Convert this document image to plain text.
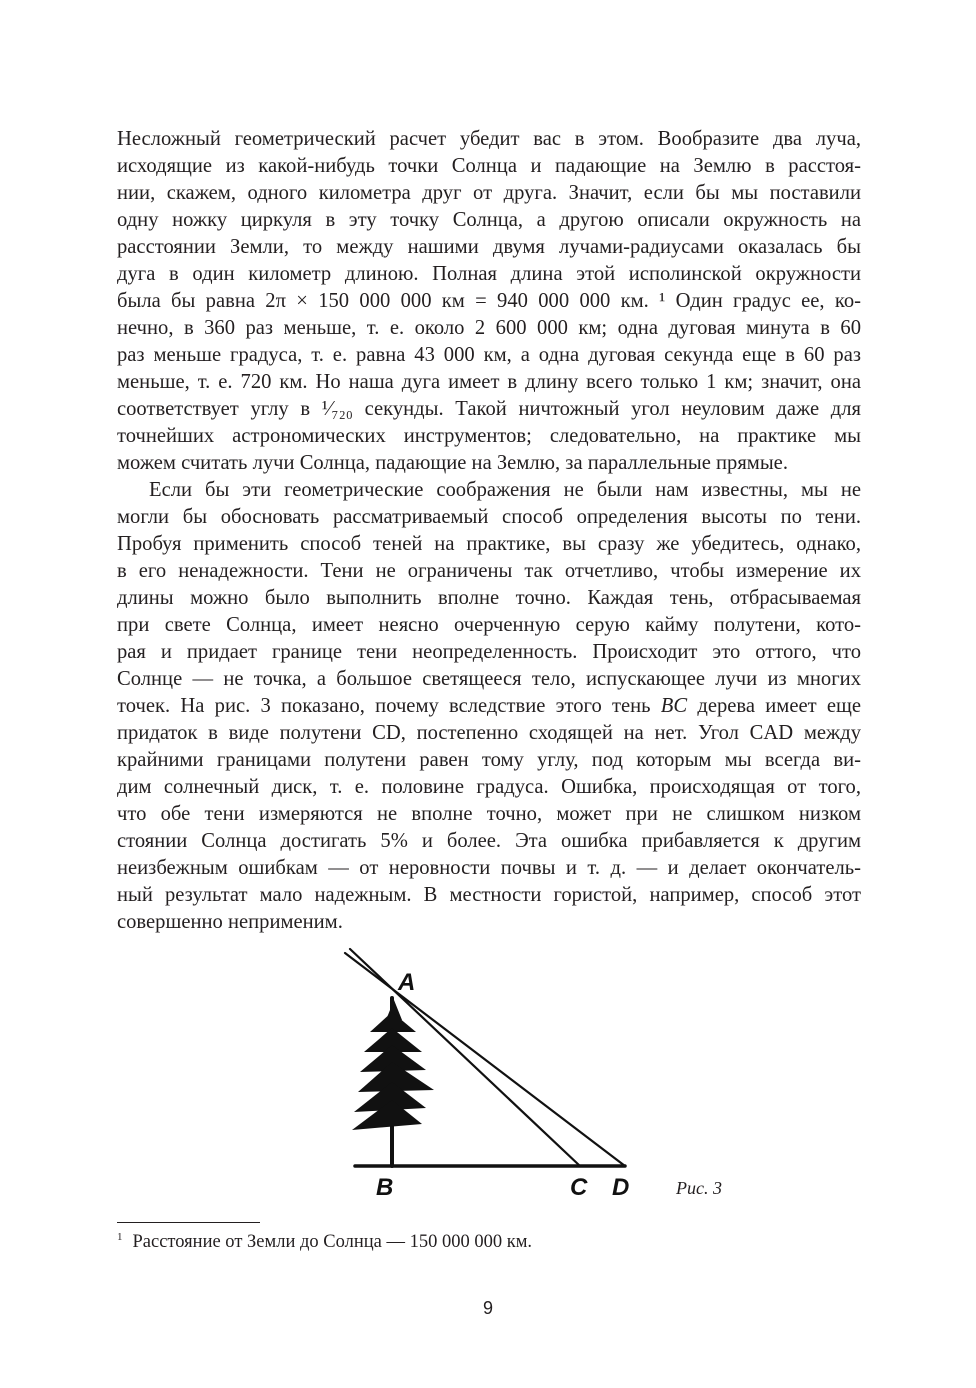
Несложный геометрический расчет убедит вас в этом. Вообразите два луча,
исходящие из какой-нибудь точки Солнца и падающие на Землю в расстоя-
нии, скажем, одного километра друг от друга. Значит, если бы мы поставили
одну ножку циркуля в эту точку Солнца, а другою описали окружность на
расстоянии Земли, то между нашими двумя лучами-радиусами оказалась бы
дуга в один километр длиною. Полная длина этой исполинской окружности
была бы равна 2π × 150 000 000 км = 940 000 000 км. ¹ Один градус ее, ко-
нечно, в 360 раз меньше, т. е. около 2 600 000 км; одна дуговая минута в 60
раз меньше градуса, т. е. равна 43 000 км, а одна дуговая секунда еще в 60 раз
меньше, т. е. 720 км. Но наша дуга имеет в длину всего только 1 км; значит, она
соответствует углу в ¹⁄₇₂₀ секунды. Такой ничтожный угол неуловим даже для
точнейших астрономических инструментов; следовательно, на практике мы
можем считать лучи Солнца, падающие на Землю, за параллельные прямые.
Если бы эти геометрические соображения не были нам известны, мы не
могли бы обосновать рассматриваемый способ определения высоты по тени.
Пробуя применить способ теней на практике, вы сразу же убедитесь, однако,
в его ненадежности. Тени не ограничены так отчетливо, чтобы измерение их
длины можно было выполнить вполне точно. Каждая тень, отбрасываемая
при свете Солнца, имеет неясно очерченную серую кайму полутени, кото-
рая и придает границе тени неопределенность. Происходит это оттого, что
Солнце — не точка, а большое светящееся тело, испускающее лучи из многих
точек. На рис. 3 показано, почему вследствие этого тень BC дерева имеет еще
придаток в виде полутени CD, постепенно сходящей на нет. Угол CAD между
крайними границами полутени равен тому углу, под которым мы всегда ви-
дим солнечный диск, т. е. половине градуса. Ошибка, происходящая от того,
что обе тени измеряются не вполне точно, может при не слишком низком
стоянии Солнца достигать 5% и более. Эта ошибка прибавляется к другим
неизбежным ошибкам — от неровности почвы и т. д. — и делает окончатель-
ный результат мало надежным. В местности гористой, например, способ этот
совершенно неприменим.
A
B	C D	Рис. 3
$^1$ Расстояние от Земли до Солнца — 150 000 000 км.
9
